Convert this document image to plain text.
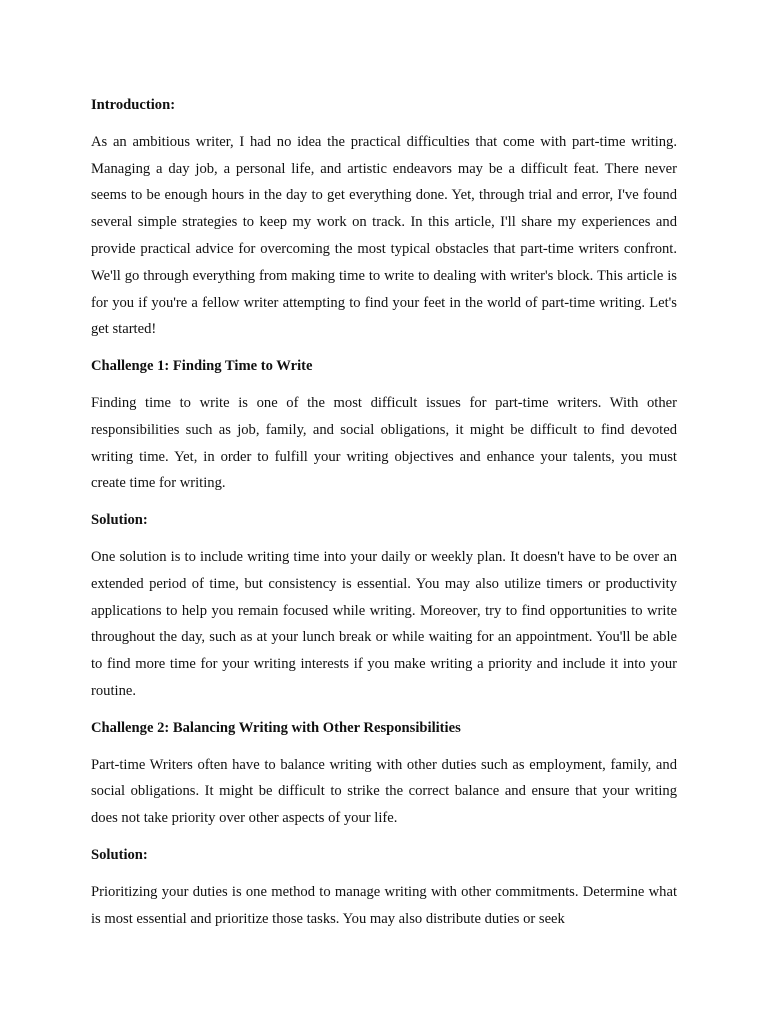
Introduction:
As an ambitious writer, I had no idea the practical difficulties that come with part-time writing. Managing a day job, a personal life, and artistic endeavors may be a difficult feat. There never seems to be enough hours in the day to get everything done. Yet, through trial and error, I've found several simple strategies to keep my work on track. In this article, I'll share my experiences and provide practical advice for overcoming the most typical obstacles that part-time writers confront. We'll go through everything from making time to write to dealing with writer's block. This article is for you if you're a fellow writer attempting to find your feet in the world of part-time writing. Let's get started!
Challenge 1: Finding Time to Write
Finding time to write is one of the most difficult issues for part-time writers. With other responsibilities such as job, family, and social obligations, it might be difficult to find devoted writing time. Yet, in order to fulfill your writing objectives and enhance your talents, you must create time for writing.
Solution:
One solution is to include writing time into your daily or weekly plan. It doesn't have to be over an extended period of time, but consistency is essential. You may also utilize timers or productivity applications to help you remain focused while writing. Moreover, try to find opportunities to write throughout the day, such as at your lunch break or while waiting for an appointment. You'll be able to find more time for your writing interests if you make writing a priority and include it into your routine.
Challenge 2: Balancing Writing with Other Responsibilities
Part-time Writers often have to balance writing with other duties such as employment, family, and social obligations. It might be difficult to strike the correct balance and ensure that your writing does not take priority over other aspects of your life.
Solution:
Prioritizing your duties is one method to manage writing with other commitments. Determine what is most essential and prioritize those tasks. You may also distribute duties or seek
